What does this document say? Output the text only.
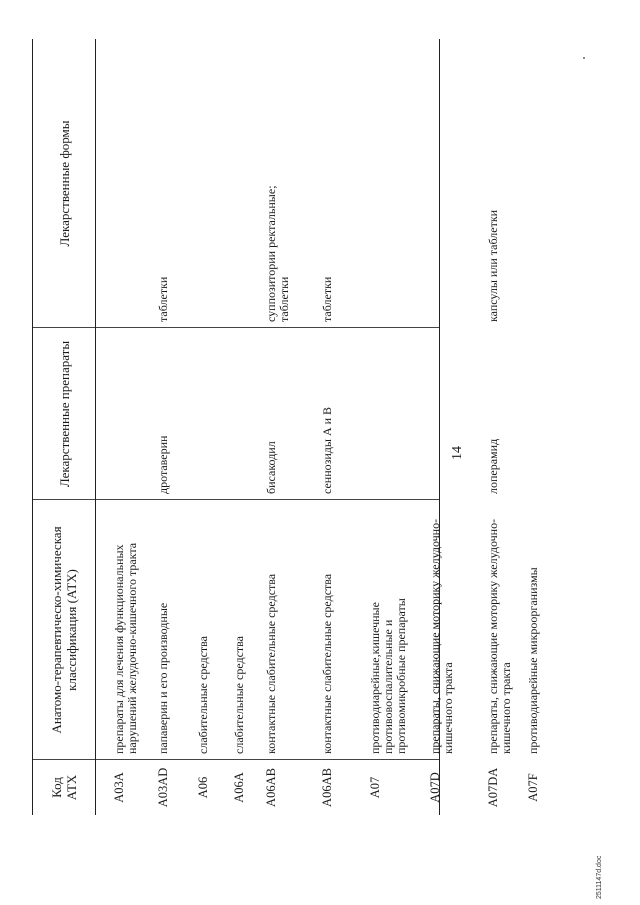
14
Код АТХ
Анатомо-терапевтическо-химическая классификация (АТХ)
Лекарственные препараты
Лекарственные формы
A03A
препараты для лечения функциональных нарушений желудочно-кишечного тракта
A03AD
папаверин и его производные
дротаверин
таблетки
A06
слабительные средства
A06A
слабительные средства
A06AB
контактные слабительные средства
бисакодил
суппозитории ректальные; таблетки
A06AB
контактные слабительные средства
сеннозиды А и В
таблетки
A07
противодиарейные,кишечные противовоспалительные и противомикробные препараты
A07D
препараты, снижающие моторику желудочно- кишечного тракта
A07DA
препараты, снижающие моторику желудочно- кишечного тракта
лоперамид
капсулы или таблетки
A07F
противодиарейные микроорганизмы
2511147d.doc
